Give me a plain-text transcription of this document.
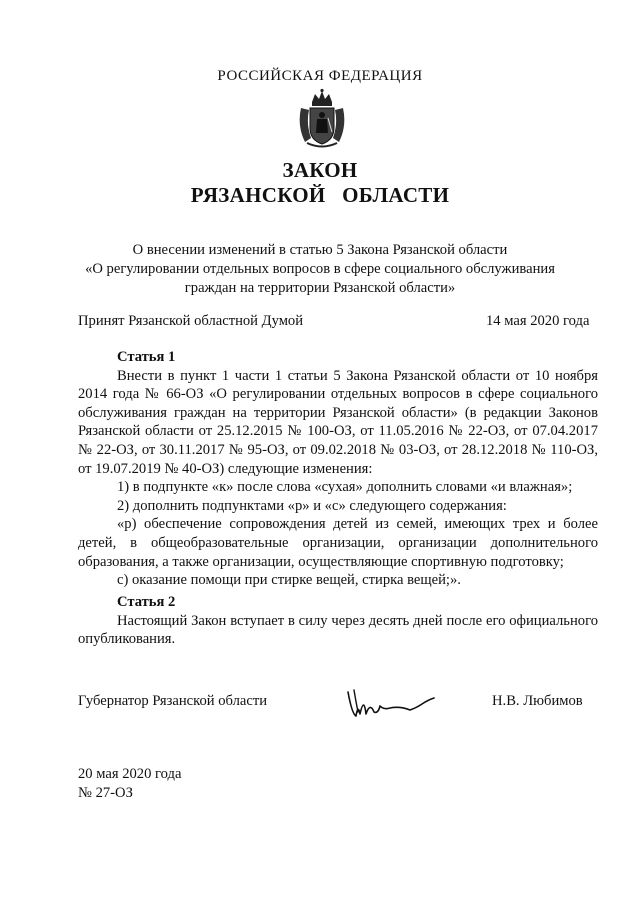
РОССИЙСКАЯ ФЕДЕРАЦИЯ
ЗАКОН
РЯЗАНСКОЙ   ОБЛАСТИ
О внесении изменений в статью 5 Закона Рязанской области
«О регулировании отдельных вопросов в сфере социального обслуживания
граждан на территории Рязанской области»
Принят Рязанской областной Думой	14 мая 2020 года
Статья 1

Внести в пункт 1 части 1 статьи 5 Закона Рязанской области от 10 ноября 2014 года № 66-ОЗ «О регулировании отдельных вопросов в сфере социального обслуживания граждан на территории Рязанской области» (в редакции Законов Рязанской области от 25.12.2015 № 100-ОЗ, от 11.05.2016 № 22-ОЗ, от 07.04.2017 № 22-ОЗ, от 30.11.2017 № 95-ОЗ, от 09.02.2018 № 03-ОЗ, от 28.12.2018 № 110-ОЗ, от 19.07.2019 № 40-ОЗ) следующие изменения:

1) в подпункте «к» после слова «сухая» дополнить словами «и влажная»;

2) дополнить подпунктами «р» и «с» следующего содержания:

«р) обеспечение сопровождения детей из семей, имеющих трех и более детей, в общеобразовательные организации, организации дополнительного образования, а также организации, осуществляющие спортивную подготовку;

с) оказание помощи при стирке вещей, стирка вещей;».

Статья 2

Настоящий Закон вступает в силу через десять дней после его официального опубликования.

Губернатор Рязанской области	Н.В. Любимов
20 мая 2020 года
№ 27-ОЗ
